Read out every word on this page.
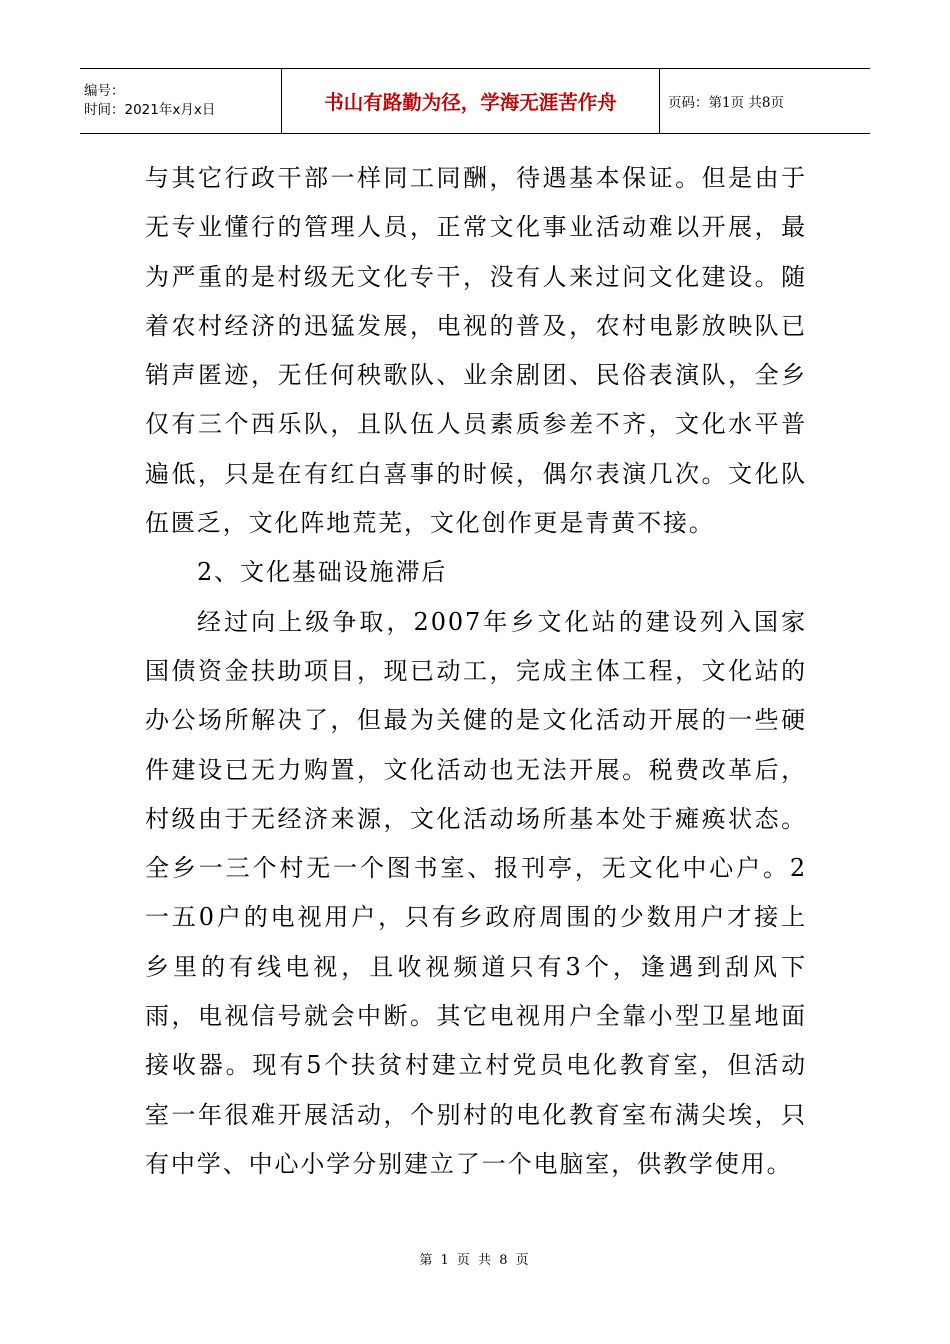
编号：
时间：2021年x月x日	书山有路勤为径，学海无涯苦作舟	页码：第1页 共8页

与其它行政干部一样同工同酬，待遇基本保证。但是由于无专业懂行的管理人员，正常文化事业活动难以开展，最为严重的是村级无文化专干，没有人来过问文化建设。随着农村经济的迅猛发展，电视的普及，农村电影放映队已销声匿迹，无任何秧歌队、业余剧团、民俗表演队，全乡仅有三个西乐队，且队伍人员素质参差不齐，文化水平普遍低，只是在有红白喜事的时候，偶尔表演几次。文化队伍匮乏，文化阵地荒芜，文化创作更是青黄不接。

2、文化基础设施滞后

经过向上级争取，2007年乡文化站的建设列入国家国债资金扶助项目，现已动工，完成主体工程，文化站的办公场所解决了，但最为关健的是文化活动开展的一些硬件建设已无力购置，文化活动也无法开展。税费改革后，村级由于无经济来源，文化活动场所基本处于瘫痪状态。全乡一三个村无一个图书室、报刊亭，无文化中心户。2一五0户的电视用户，只有乡政府周围的少数用户才接上乡里的有线电视，且收视频道只有3个，逢遇到刮风下雨，电视信号就会中断。其它电视用户全靠小型卫星地面接收器。现有5个扶贫村建立村党员电化教育室，但活动室一年很难开展活动，个别村的电化教育室布满尖埃，只有中学、中心小学分别建立了一个电脑室，供教学使用。

第 1 页 共 8 页
